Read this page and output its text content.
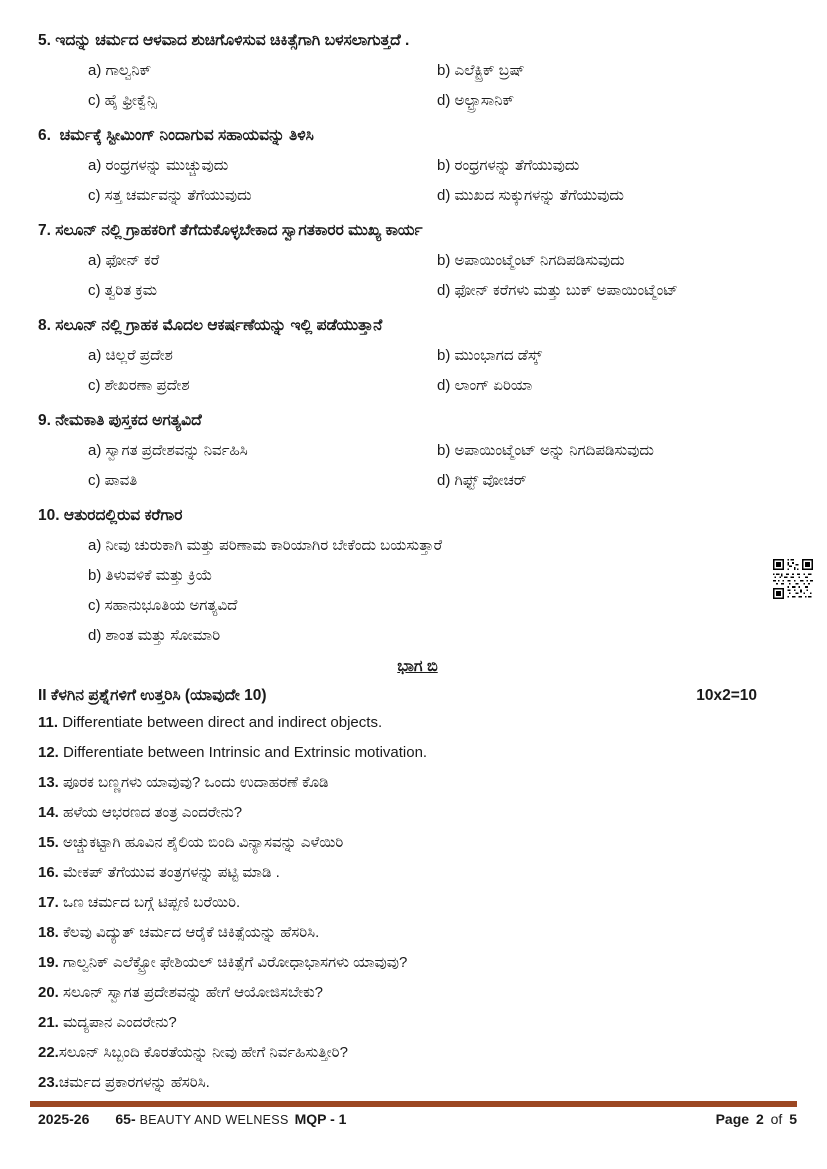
5. ಇದನ್ನು ಚರ್ಮದ ಆಳವಾದ ಶುಚಿಗೊಳಿಸುವ ಚಿಕಿತ್ಸೆಗಾಗಿ ಬಳಸಲಾಗುತ್ತದೆ .
a) ಗಾಲ್ವನಿಕ್	b) ಎಲೆಕ್ಟ್ರಿಕ್ ಬ್ರಷ್
c) ಹೈ ಫ್ರೀಕ್ವೆನ್ಸಿ	d) ಅಲ್ಟ್ರಾಸಾನಿಕ್
6. ಚರ್ಮಕ್ಕೆ ಸ್ಟೀಮಿಂಗ್ ನಿಂದಾಗುವ ಸಹಾಯವನ್ನು ತಿಳಿಸಿ
a) ರಂಧ್ರಗಳನ್ನು ಮುಚ್ಚುವುದು	b) ರಂಧ್ರಗಳನ್ನು ತೆಗೆಯುವುದು
c) ಸತ್ತ ಚರ್ಮವನ್ನು ತೆಗೆಯುವುದು	d) ಮುಖದ ಸುಕ್ಕುಗಳನ್ನು ತೆಗೆಯುವುದು
7. ಸಲೂನ್ ನಲ್ಲಿ ಗ್ರಾಹಕರಿಗೆ ತೆಗೆದುಕೊಳ್ಳಬೇಕಾದ ಸ್ವಾಗತಕಾರರ ಮುಖ್ಯ ಕಾರ್ಯ
a) ಫೋನ್ ಕರೆ	b) ಅಪಾಯಿಂಟ್ಮೆಂಟ್ ನಿಗದಿಪಡಿಸುವುದು
c) ತ್ವರಿತ ಕ್ರಮ	d) ಫೋನ್ ಕರೆಗಳು ಮತ್ತು ಬುಕ್ ಅಪಾಯಿಂಟ್ಮೆಂಟ್
8. ಸಲೂನ್ ನಲ್ಲಿ ಗ್ರಾಹಕ ಮೊದಲ ಆಕರ್ಷಣೆಯನ್ನು ಇಲ್ಲಿ ಪಡೆಯುತ್ತಾನೆ
a) ಚಿಲ್ಲರೆ ಪ್ರದೇಶ	b) ಮುಂಭಾಗದ ಡೆಸ್ಕ್
c) ಶೇಖರಣಾ ಪ್ರದೇಶ	d) ಲಾಂಗ್ ಏರಿಯಾ
9. ನೇಮಕಾತಿ ಪುಸ್ತಕದ ಅಗತ್ಯವಿದೆ
a) ಸ್ವಾಗತ ಪ್ರದೇಶವನ್ನು ನಿರ್ವಹಿಸಿ	b) ಅಪಾಯಿಂಟ್ಮೆಂಟ್ ಅನ್ನು ನಿಗದಿಪಡಿಸುವುದು
c) ಪಾವತಿ	d) ಗಿಫ್ಟ್ ವೋಚರ್
10. ಆತುರದಲ್ಲಿರುವ ಕರೆಗಾರ
a) ನೀವು ಚುರುಕಾಗಿ ಮತ್ತು ಪರಿಣಾಮ ಕಾರಿಯಾಗಿರ ಬೇಕೆಂದು ಬಯಸುತ್ತಾರೆ
b) ತಿಳುವಳಿಕೆ ಮತ್ತು ಕ್ರಿಯೆ
c) ಸಹಾನುಭೂತಿಯ ಅಗತ್ಯವಿದೆ
d) ಶಾಂತ ಮತ್ತು ಸೋಮಾರಿ
ಭಾಗ ಬಿ
II ಕೆಳಗಿನ ಪ್ರಶ್ನೆಗಳಿಗೆ ಉತ್ತರಿಸಿ (ಯಾವುದೇ 10)	10x2=10
11. Differentiate between direct and indirect objects.
12. Differentiate between Intrinsic and Extrinsic motivation.
13. ಪೂರಕ ಬಣ್ಣಗಳು ಯಾವುವು? ಒಂದು ಉದಾಹರಣೆ ಕೊಡಿ
14. ಹಳೆಯ ಆಭರಣದ ತಂತ್ರ ಎಂದರೇನು?
15. ಅಚ್ಚುಕಟ್ಟಾಗಿ ಹೂವಿನ ಶೈಲಿಯ ಬಿಂದಿ ವಿನ್ಯಾಸವನ್ನು ಎಳೆಯಿರಿ
16. ಮೇಕಪ್ ತೆಗೆಯುವ ತಂತ್ರಗಳನ್ನು ಪಟ್ಟಿ ಮಾಡಿ .
17. ಒಣ ಚರ್ಮದ ಬಗ್ಗೆ ಟಿಪ್ಪಣಿ ಬರೆಯಿರಿ.
18. ಕೆಲವು ವಿದ್ಯುತ್ ಚರ್ಮದ ಆರೈಕೆ ಚಿಕಿತ್ಸೆಯನ್ನು ಹೆಸರಿಸಿ.
19. ಗಾಲ್ವನಿಕ್ ಎಲೆಕ್ಟ್ರೋ ಫೇಶಿಯಲ್ ಚಿಕಿತ್ಸೆಗೆ ವಿರೋಧಾಭಾಸಗಳು ಯಾವುವು?
20. ಸಲೂನ್ ಸ್ವಾಗತ ಪ್ರದೇಶವನ್ನು ಹೇಗೆ ಆಯೋಜಿಸಬೇಕು?
21. ಮದ್ಯಪಾನ ಎಂದರೇನು?
22.ಸಲೂನ್ ಸಿಬ್ಬಂದಿ ಕೊರತೆಯನ್ನು ನೀವು ಹೇಗೆ ನಿರ್ವಹಿಸುತ್ತೀರಿ?
23.ಚರ್ಮದ ಪ್ರಕಾರಗಳನ್ನು ಹೆಸರಿಸಿ.
2025-26 65- BEAUTY AND WELNESS MQP - 1	Page 2 of 5
